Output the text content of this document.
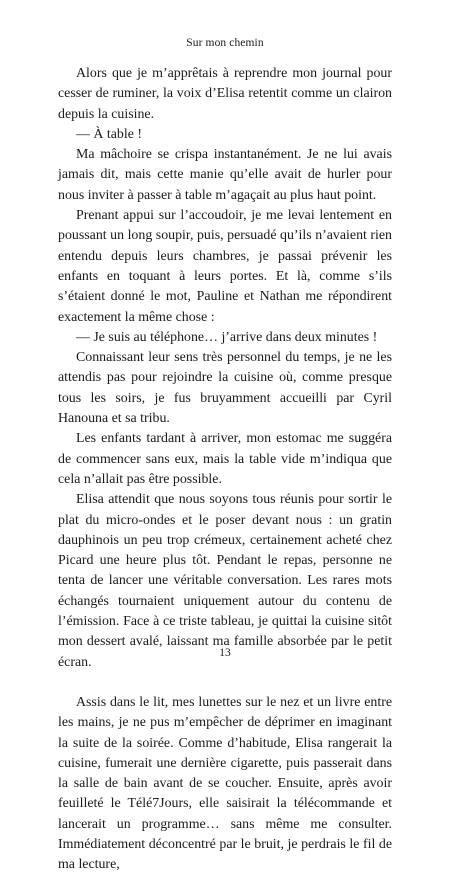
Sur mon chemin

Alors que je m’apprêtais à reprendre mon journal pour cesser de ruminer, la voix d’Elisa retentit comme un clairon depuis la cuisine.

— À table !

Ma mâchoire se crispa instantanément. Je ne lui avais jamais dit, mais cette manie qu’elle avait de hurler pour nous inviter à passer à table m’agaçait au plus haut point.

Prenant appui sur l’accoudoir, je me levai lentement en poussant un long soupir, puis, persuadé qu’ils n’avaient rien entendu depuis leurs chambres, je passai prévenir les enfants en toquant à leurs portes. Et là, comme s’ils s’étaient donné le mot, Pauline et Nathan me répondirent exactement la même chose :

— Je suis au téléphone… j’arrive dans deux minutes !

Connaissant leur sens très personnel du temps, je ne les attendis pas pour rejoindre la cuisine où, comme presque tous les soirs, je fus bruyamment accueilli par Cyril Hanouna et sa tribu.

Les enfants tardant à arriver, mon estomac me suggéra de commencer sans eux, mais la table vide m’indiqua que cela n’allait pas être possible.

Elisa attendit que nous soyons tous réunis pour sortir le plat du micro-ondes et le poser devant nous : un gratin dauphinois un peu trop crémeux, certainement acheté chez Picard une heure plus tôt. Pendant le repas, personne ne tenta de lancer une véritable conversation. Les rares mots échangés tournaient uniquement autour du contenu de l’émission. Face à ce triste tableau, je quittai la cuisine sitôt mon dessert avalé, laissant ma famille absorbée par le petit écran.

Assis dans le lit, mes lunettes sur le nez et un livre entre les mains, je ne pus m’empêcher de déprimer en imaginant la suite de la soirée. Comme d’habitude, Elisa rangerait la cuisine, fumerait une dernière cigarette, puis passerait dans la salle de bain avant de se coucher. Ensuite, après avoir feuilleté le Télé7Jours, elle saisirait la télécommande et lancerait un programme… sans même me consulter. Immédiatement déconcentré par le bruit, je perdrais le fil de ma lecture,

13
